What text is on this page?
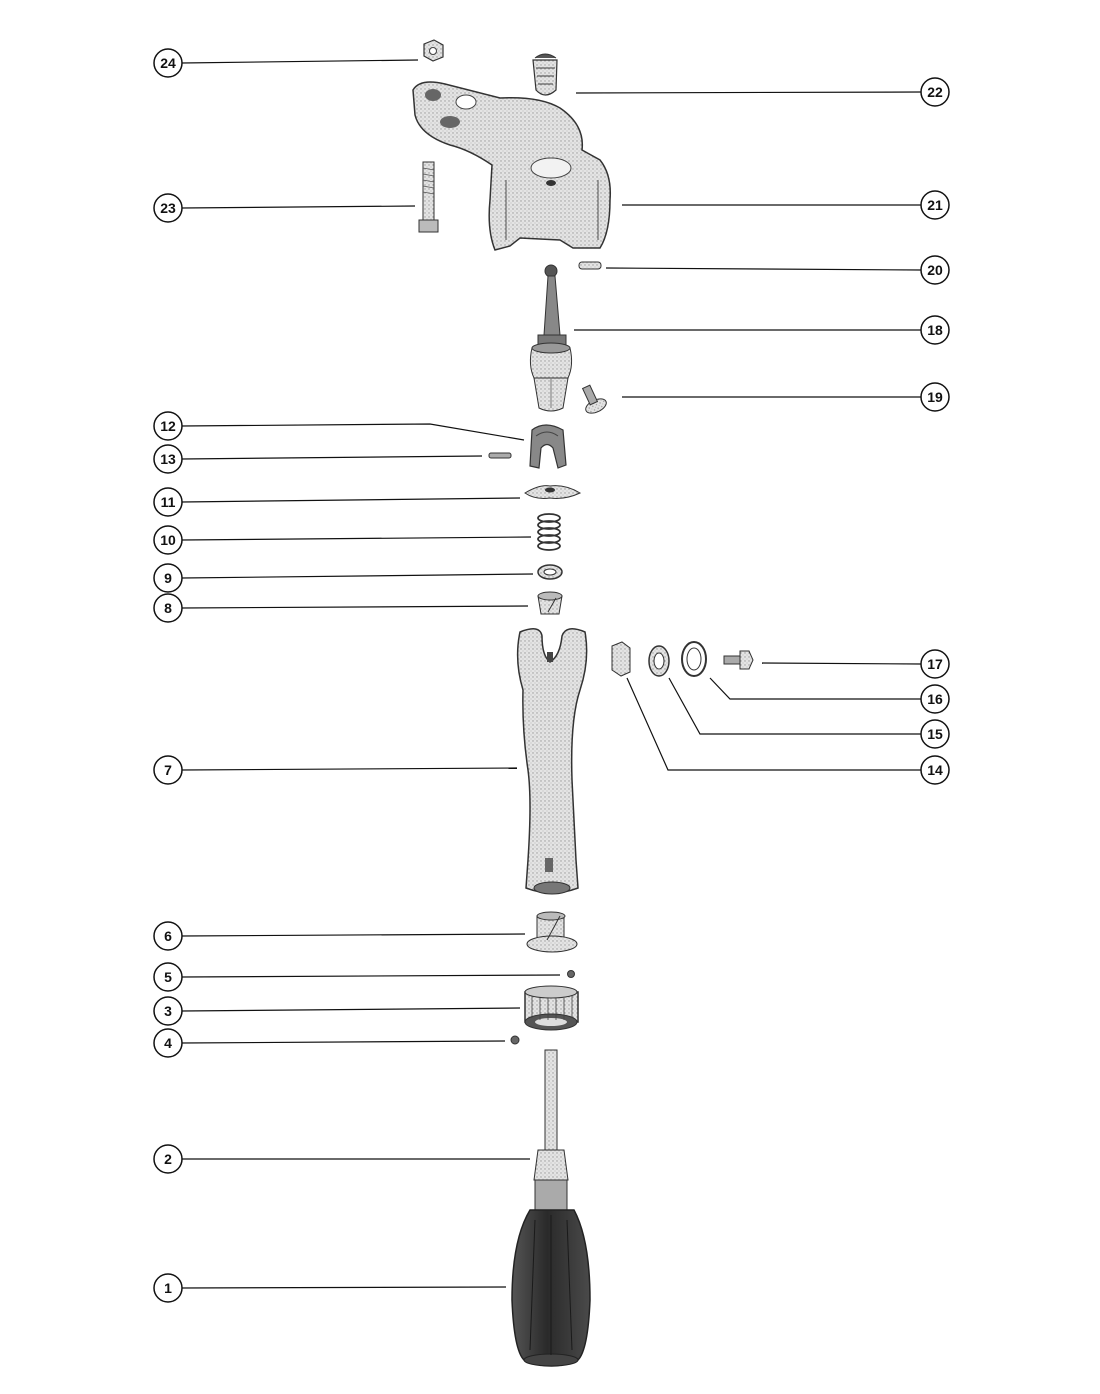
24
22
23	21
20
18
19
12
13
11
10
9
8
17
16
15
7	14
6
5
3
4
2
1
